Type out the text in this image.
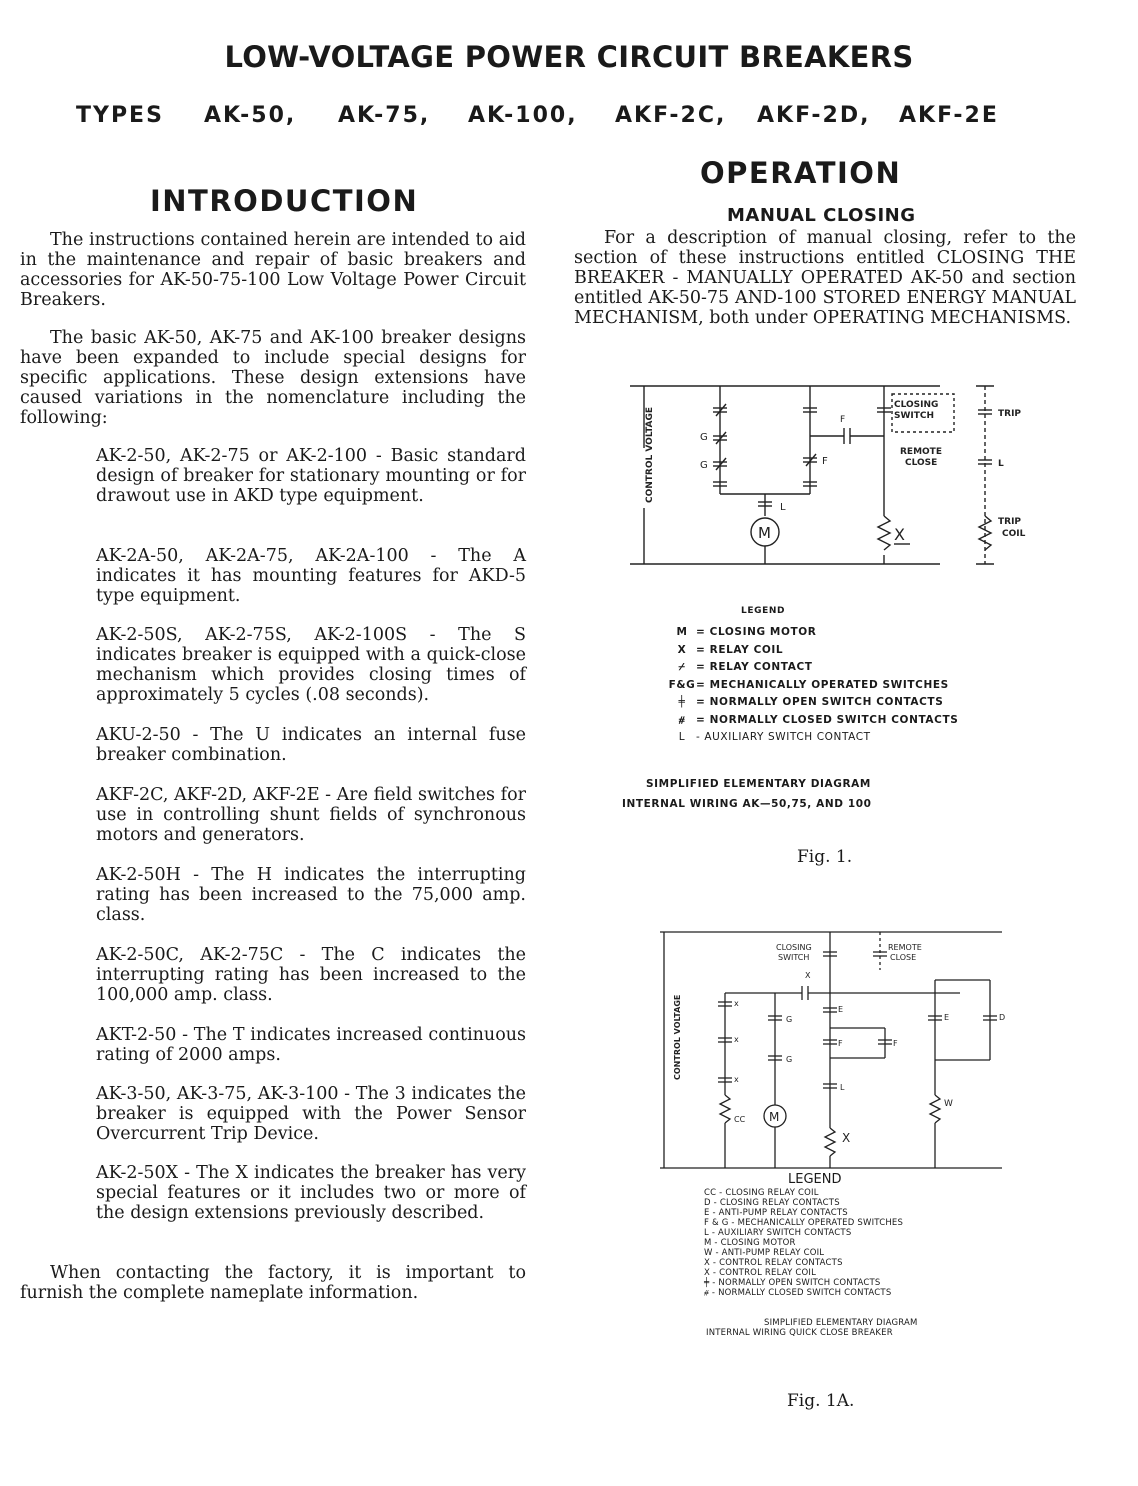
LOW-VOLTAGE POWER CIRCUIT BREAKERS
TYPES AK-50, AK-75, AK-100, AKF-2C, AKF-2D, AKF-2E
INTRODUCTION

The instructions contained herein are intended to aid in the maintenance and repair of basic breakers and accessories for AK-50-75-100 Low Voltage Power Circuit Breakers.

The basic AK-50, AK-75 and AK-100 breaker designs have been expanded to include special designs for specific applications. These design extensions have caused variations in the nomenclature including the following:

AK-2-50, AK-2-75 or AK-2-100 - Basic standard design of breaker for stationary mounting or for drawout use in AKD type equipment.
AK-2A-50, AK-2A-75, AK-2A-100 - The A indicates it has mounting features for AKD-5 type equipment.
AK-2-50S, AK-2-75S, AK-2-100S - The S indicates breaker is equipped with a quick-close mechanism which provides closing times of approximately 5 cycles (.08 seconds).
AKU-2-50 - The U indicates an internal fuse breaker combination.
AKF-2C, AKF-2D, AKF-2E - Are field switches for use in controlling shunt fields of synchronous motors and generators.
AK-2-50H - The H indicates the interrupting rating has been increased to the 75,000 amp. class.
AK-2-50C, AK-2-75C - The C indicates the interrupting rating has been increased to the 100,000 amp. class.
AKT-2-50 - The T indicates increased continuous rating of 2000 amps.
AK-3-50, AK-3-75, AK-3-100 - The 3 indicates the breaker is equipped with the Power Sensor Overcurrent Trip Device.
AK-2-50X - The X indicates the breaker has very special features or it includes two or more of the design extensions previously described.

When contacting the factory, it is important to furnish the complete nameplate information.

OPERATION
MANUAL CLOSING

For a description of manual closing, refer to the section of these instructions entitled CLOSING THE BREAKER - MANUALLY OPERATED AK-50 and section entitled AK-50-75 AND-100 STORED ENERGY MANUAL MECHANISM, both under OPERATING MECHANISMS.

CONTROL VOLTAGE	G
G	F
F
L
M
CLOSING
SWITCH
REMOTE
CLOSE
X
TRIP
L
TRIP
COIL
LEGEND
M = CLOSING MOTOR
X = RELAY COIL
⌿ = RELAY CONTACT
F&G= MECHANICALLY OPERATED SWITCHES
╪ = NORMALLY OPEN SWITCH CONTACTS
⧣ = NORMALLY CLOSED SWITCH CONTACTS
L - AUXILIARY SWITCH CONTACT
SIMPLIFIED ELEMENTARY DIAGRAM
INTERNAL WIRING AK—50,75, AND 100
Fig. 1.
CONTROL VOLTAGE
CLOSING
SWITCH
REMOTE
CLOSE
X
x
x
x
CC
G
G
M
E
F	F
L
X
E	D
W
LEGEND
CC - CLOSING RELAY COIL
D - CLOSING RELAY CONTACTS
E - ANTI-PUMP RELAY CONTACTS
F & G - MECHANICALLY OPERATED SWITCHES
L - AUXILIARY SWITCH CONTACTS
M - CLOSING MOTOR
W - ANTI-PUMP RELAY COIL
X - CONTROL RELAY CONTACTS
X - CONTROL RELAY COIL
╪ - NORMALLY OPEN SWITCH CONTACTS
⧣ - NORMALLY CLOSED SWITCH CONTACTS
SIMPLIFIED ELEMENTARY DIAGRAM
INTERNAL WIRING QUICK CLOSE BREAKER
Fig. 1A.
